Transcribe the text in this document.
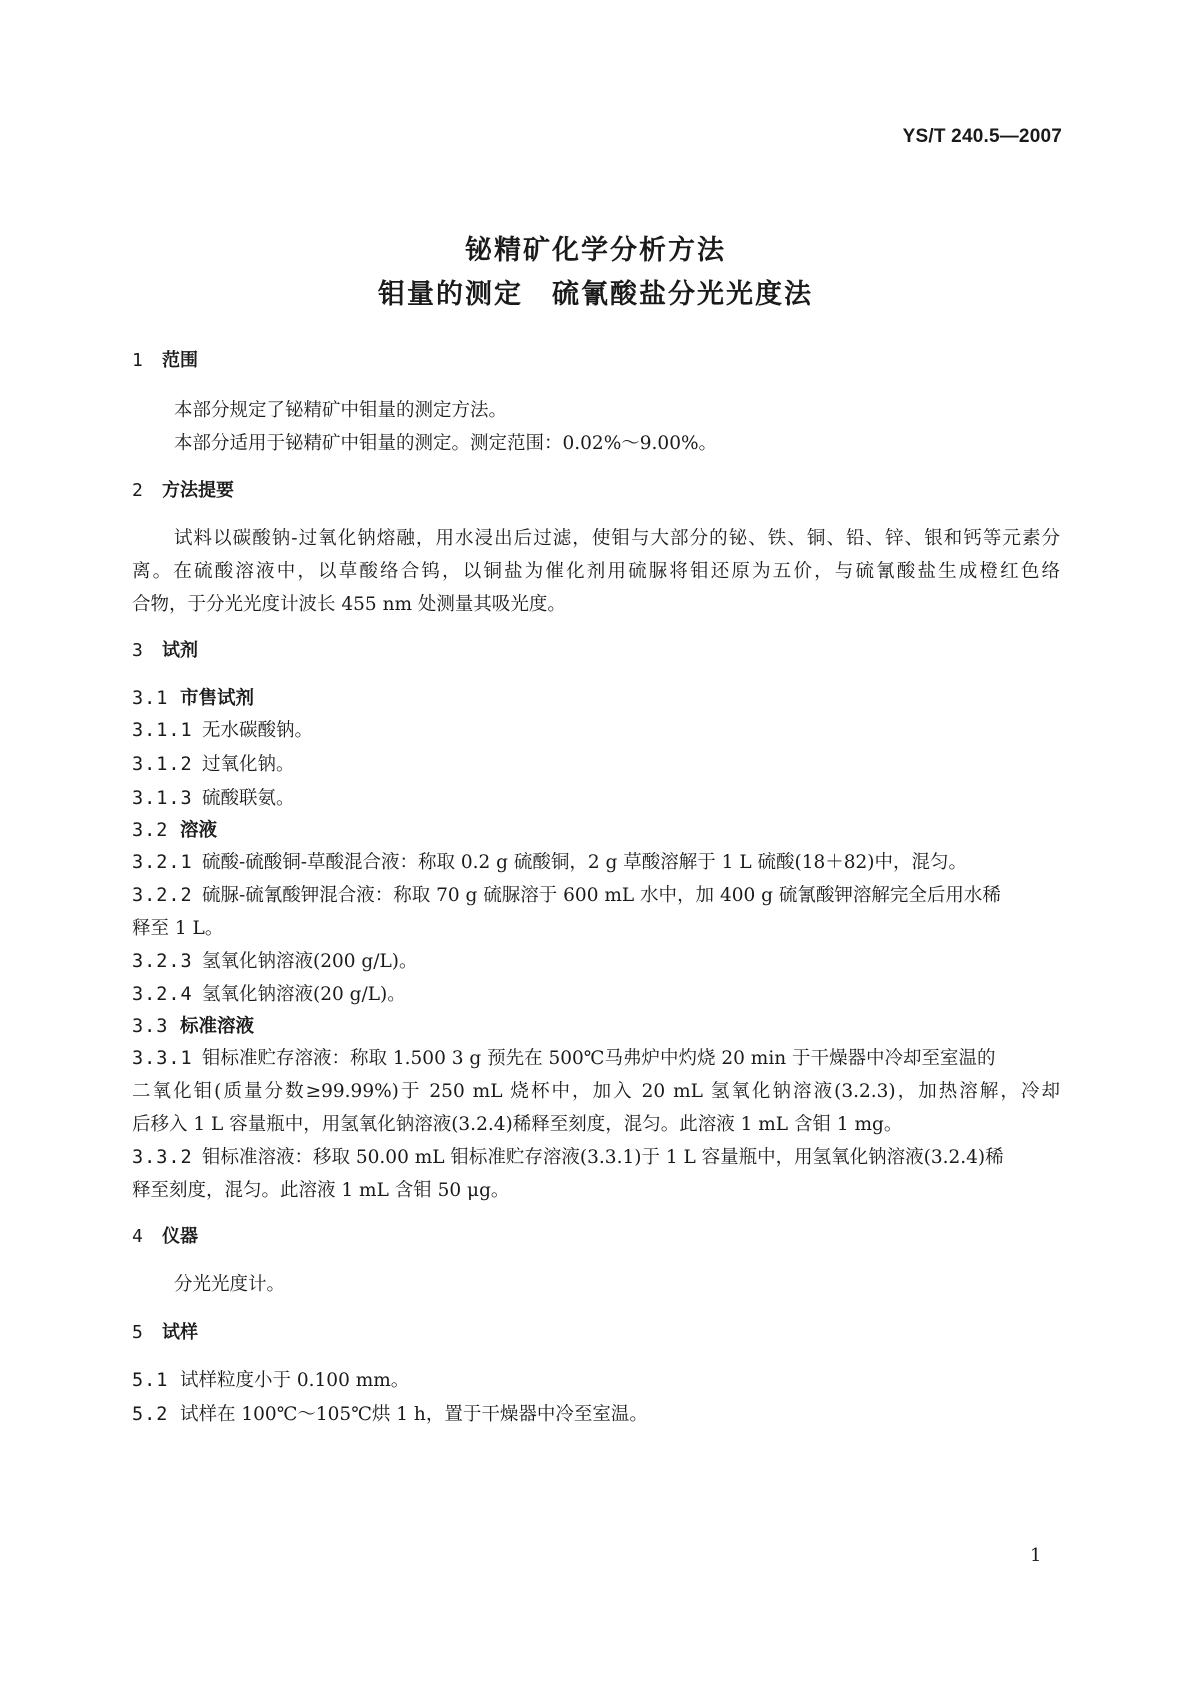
YS/T 240.5—2007
铋精矿化学分析方法
钼量的测定　硫氰酸盐分光光度法
1 范围
本部分规定了铋精矿中钼量的测定方法。
本部分适用于铋精矿中钼量的测定。测定范围：0.02%～9.00%。
2 方法提要
试料以碳酸钠-过氧化钠熔融，用水浸出后过滤，使钼与大部分的铋、铁、铜、铅、锌、银和钙等元素分
离。在硫酸溶液中，以草酸络合钨，以铜盐为催化剂用硫脲将钼还原为五价，与硫氰酸盐生成橙红色络
合物，于分光光度计波长 455 nm 处测量其吸光度。
3 试剂
3.1 市售试剂
3.1.1 无水碳酸钠。
3.1.2 过氧化钠。
3.1.3 硫酸联氨。
3.2 溶液
3.2.1 硫酸-硫酸铜-草酸混合液：称取 0.2 g 硫酸铜，2 g 草酸溶解于 1 L 硫酸(18＋82)中，混匀。
3.2.2 硫脲-硫氰酸钾混合液：称取 70 g 硫脲溶于 600 mL 水中，加 400 g 硫氰酸钾溶解完全后用水稀
释至 1 L。
3.2.3 氢氧化钠溶液(200 g/L)。
3.2.4 氢氧化钠溶液(20 g/L)。
3.3 标准溶液
3.3.1 钼标准贮存溶液：称取 1.500 3 g 预先在 500℃马弗炉中灼烧 20 min 于干燥器中冷却至室温的
二氧化钼(质量分数≥99.99%)于 250 mL 烧杯中，加入 20 mL 氢氧化钠溶液(3.2.3)，加热溶解，冷却
后移入 1 L 容量瓶中，用氢氧化钠溶液(3.2.4)稀释至刻度，混匀。此溶液 1 mL 含钼 1 mg。
3.3.2 钼标准溶液：移取 50.00 mL 钼标准贮存溶液(3.3.1)于 1 L 容量瓶中，用氢氧化钠溶液(3.2.4)稀
释至刻度，混匀。此溶液 1 mL 含钼 50 μg。
4 仪器
分光光度计。
5 试样
5.1 试样粒度小于 0.100 mm。
5.2 试样在 100℃～105℃烘 1 h，置于干燥器中冷至室温。
1
